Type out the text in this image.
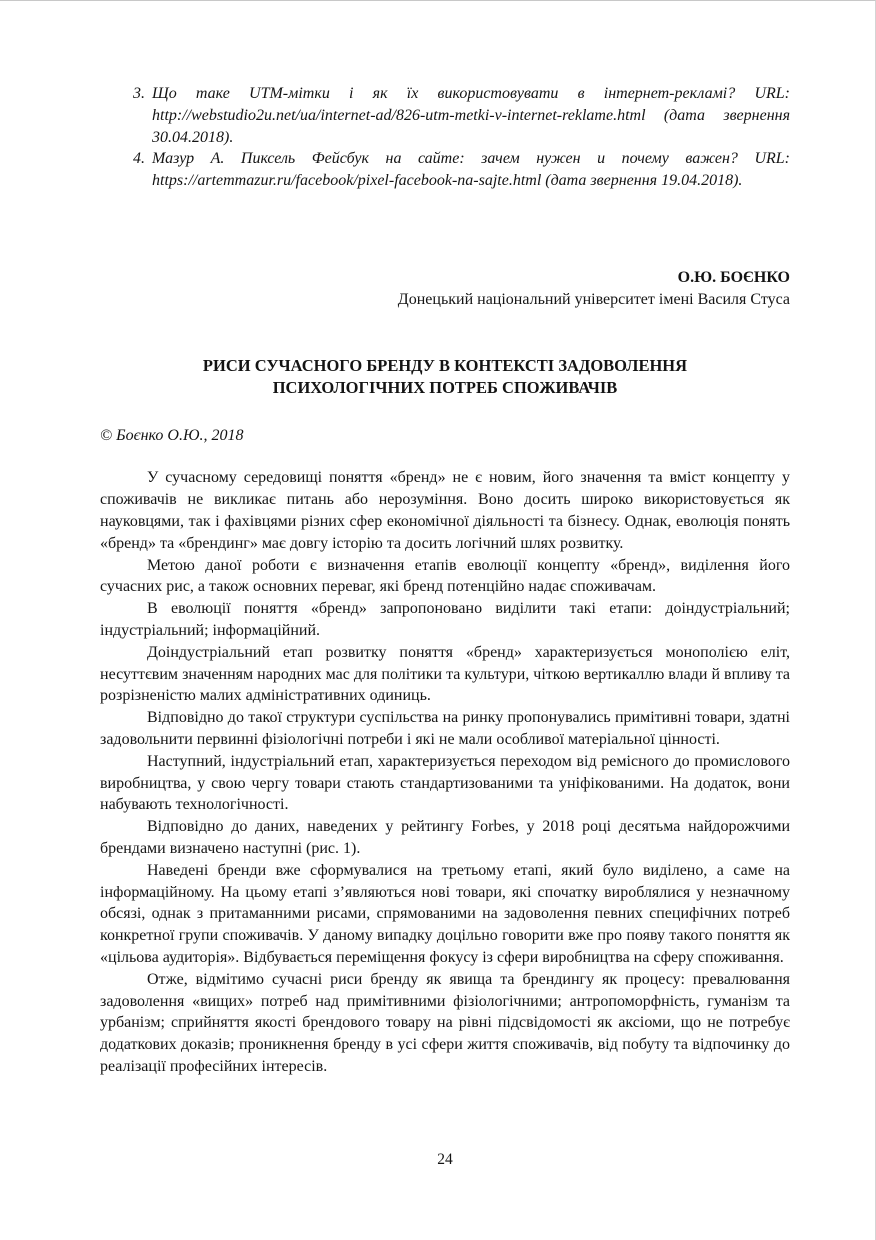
3. Що таке UTM-мітки і як їх використовувати в інтернет-рекламі? URL: http://webstudio2u.net/ua/internet-ad/826-utm-metki-v-internet-reklame.html (дата звернення 30.04.2018).
4. Мазур А. Пиксель Фейсбук на сайте: зачем нужен и почему важен? URL: https://artemmazur.ru/facebook/pixel-facebook-na-sajte.html (дата звернення 19.04.2018).
О.Ю. БОЄНКО
Донецький національний університет імені Василя Стуса
РИСИ СУЧАСНОГО БРЕНДУ В КОНТЕКСТІ ЗАДОВОЛЕННЯ
ПСИХОЛОГІЧНИХ ПОТРЕБ СПОЖИВАЧІВ
© Боєнко О.Ю., 2018

У сучасному середовищі поняття «бренд» не є новим, його значення та вміст концепту у споживачів не викликає питань або нерозуміння. Воно досить широко використовується як науковцями, так і фахівцями різних сфер економічної діяльності та бізнесу. Однак, еволюція понять «бренд» та «брендинг» має довгу історію та досить логічний шлях розвитку.

Метою даної роботи є визначення етапів еволюції концепту «бренд», виділення його сучасних рис, а також основних переваг, які бренд потенційно надає споживачам.

В еволюції поняття «бренд» запропоновано виділити такі етапи: доіндустріальний; індустріальний; інформаційний.

Доіндустріальний етап розвитку поняття «бренд» характеризується монополією еліт, несуттєвим значенням народних мас для політики та культури, чіткою вертикаллю влади й впливу та розрізненістю малих адміністративних одиниць.

Відповідно до такої структури суспільства на ринку пропонувались примітивні товари, здатні задовольнити первинні фізіологічні потреби і які не мали особливої матеріальної цінності.

Наступний, індустріальний етап, характеризується переходом від ремісного до промислового виробництва, у свою чергу товари стають стандартизованими та уніфікованими. На додаток, вони набувають технологічності.

Відповідно до даних, наведених у рейтингу Forbes, у 2018 році десятьма найдорожчими брендами визначено наступні (рис. 1).

Наведені бренди вже сформувалися на третьому етапі, який було виділено, а саме на інформаційному. На цьому етапі з’являються нові товари, які спочатку вироблялися у незначному обсязі, однак з притаманними рисами, спрямованими на задоволення певних специфічних потреб конкретної групи споживачів. У даному випадку доцільно говорити вже про появу такого поняття як «цільова аудиторія». Відбувається переміщення фокусу із сфери виробництва на сферу споживання.

Отже, відмітимо сучасні риси бренду як явища та брендингу як процесу: превалювання задоволення «вищих» потреб над примітивними фізіологічними; антропоморфність, гуманізм та урбанізм; сприйняття якості брендового товару на рівні підсвідомості як аксіоми, що не потребує додаткових доказів; проникнення бренду в усі сфери життя споживачів, від побуту та відпочинку до реалізації професійних інтересів.

24
